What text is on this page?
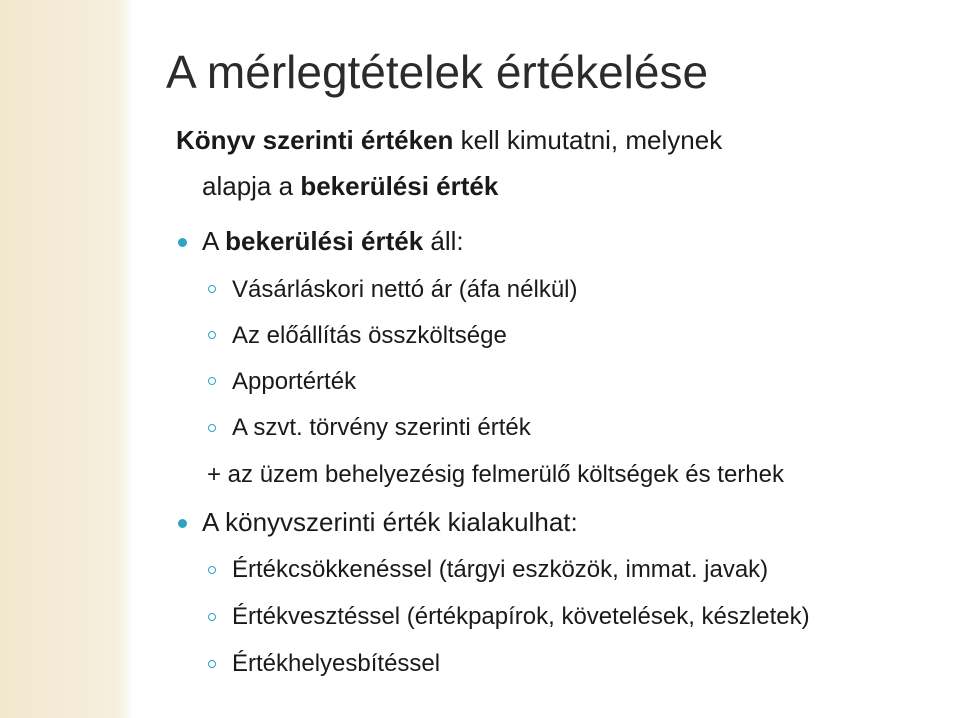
A mérlegtételek értékelése
Könyv szerinti értéken kell kimutatni, melynek
alapja a bekerülési érték
A bekerülési érték áll:
Vásárláskori nettó ár (áfa nélkül)
Az előállítás összköltsége
Apportérték
A szvt. törvény szerinti érték
+ az üzem behelyezésig felmerülő költségek és terhek
A könyvszerinti érték kialakulhat:
Értékcsökkenéssel (tárgyi eszközök, immat. javak)
Értékvesztéssel (értékpapírok, követelések, készletek)
Értékhelyesbítéssel
